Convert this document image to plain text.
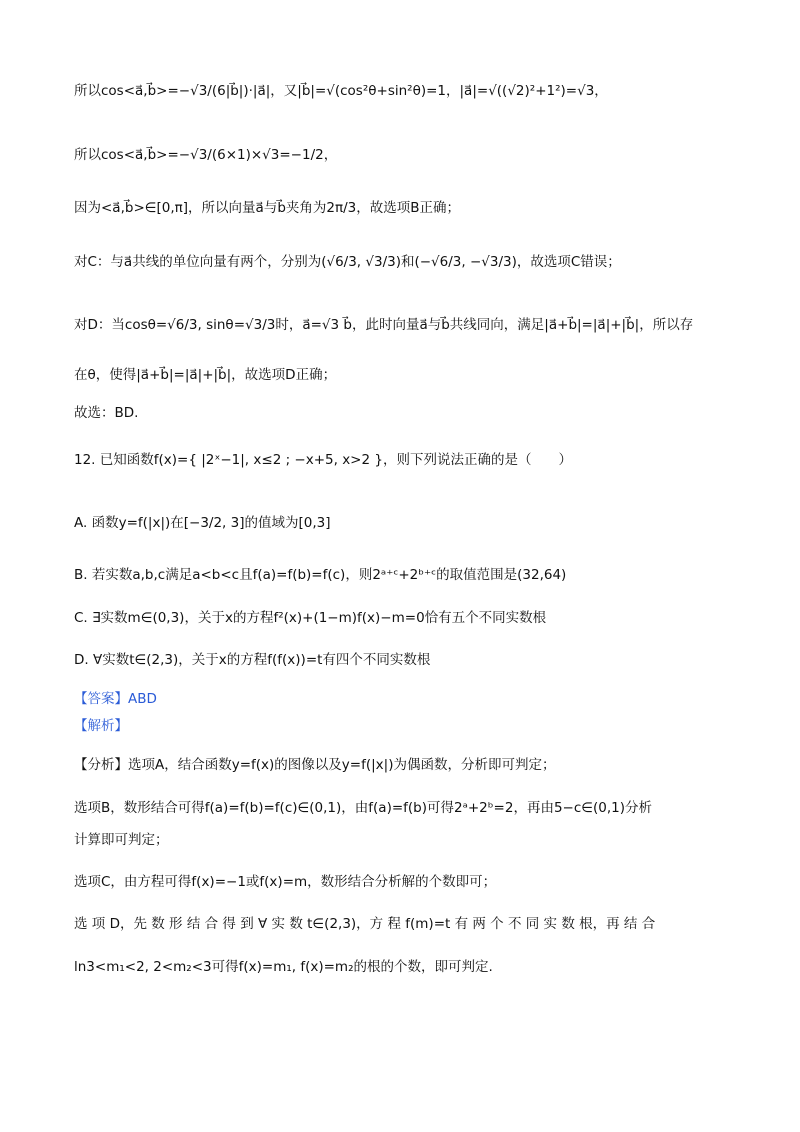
所以cos<a⃗,b⃗>=−√3/(6|b⃗|)·|a⃗|，又|b⃗|=√(cos²θ+sin²θ)=1，|a⃗|=√((√2)²+1²)=√3，
所以cos<a⃗,b⃗>=−√3/(6×1)×√3=−1/2，
因为<a⃗,b⃗>∈[0,π]，所以向量a⃗与b⃗夹角为2π/3，故选项B正确；
对C：与a⃗共线的单位向量有两个，分别为(√6/3, √3/3)和(−√6/3, −√3/3)，故选项C错误；
对D：当cosθ=√6/3, sinθ=√3/3时，a⃗=√3 b⃗，此时向量a⃗与b⃗共线同向，满足|a⃗+b⃗|=|a⃗|+|b⃗|，所以存
在θ，使得|a⃗+b⃗|=|a⃗|+|b⃗|，故选项D正确；
故选：BD.
12. 已知函数f(x)={ |2ˣ−1|, x≤2 ; −x+5, x>2 }，则下列说法正确的是（　　）
A. 函数y=f(|x|)在[−3/2, 3]的值域为[0,3]
B. 若实数a,b,c满足a<b<c且f(a)=f(b)=f(c)，则2ᵃ⁺ᶜ+2ᵇ⁺ᶜ的取值范围是(32,64)
C. ∃实数m∈(0,3)，关于x的方程f²(x)+(1−m)f(x)−m=0恰有五个不同实数根
D. ∀实数t∈(2,3)，关于x的方程f(f(x))=t有四个不同实数根
【答案】ABD
【解析】
【分析】选项A，结合函数y=f(x)的图像以及y=f(|x|)为偶函数，分析即可判定；
选项B，数形结合可得f(a)=f(b)=f(c)∈(0,1)，由f(a)=f(b)可得2ᵃ+2ᵇ=2，再由5−c∈(0,1)分析
计算即可判定；
选项C，由方程可得f(x)=−1或f(x)=m，数形结合分析解的个数即可；
选 项 D，先 数 形 结 合 得 到 ∀ 实 数 t∈(2,3)，方 程 f(m)=t 有 两 个 不 同 实 数 根，再 结 合
ln3<m₁<2, 2<m₂<3可得f(x)=m₁, f(x)=m₂的根的个数，即可判定.
